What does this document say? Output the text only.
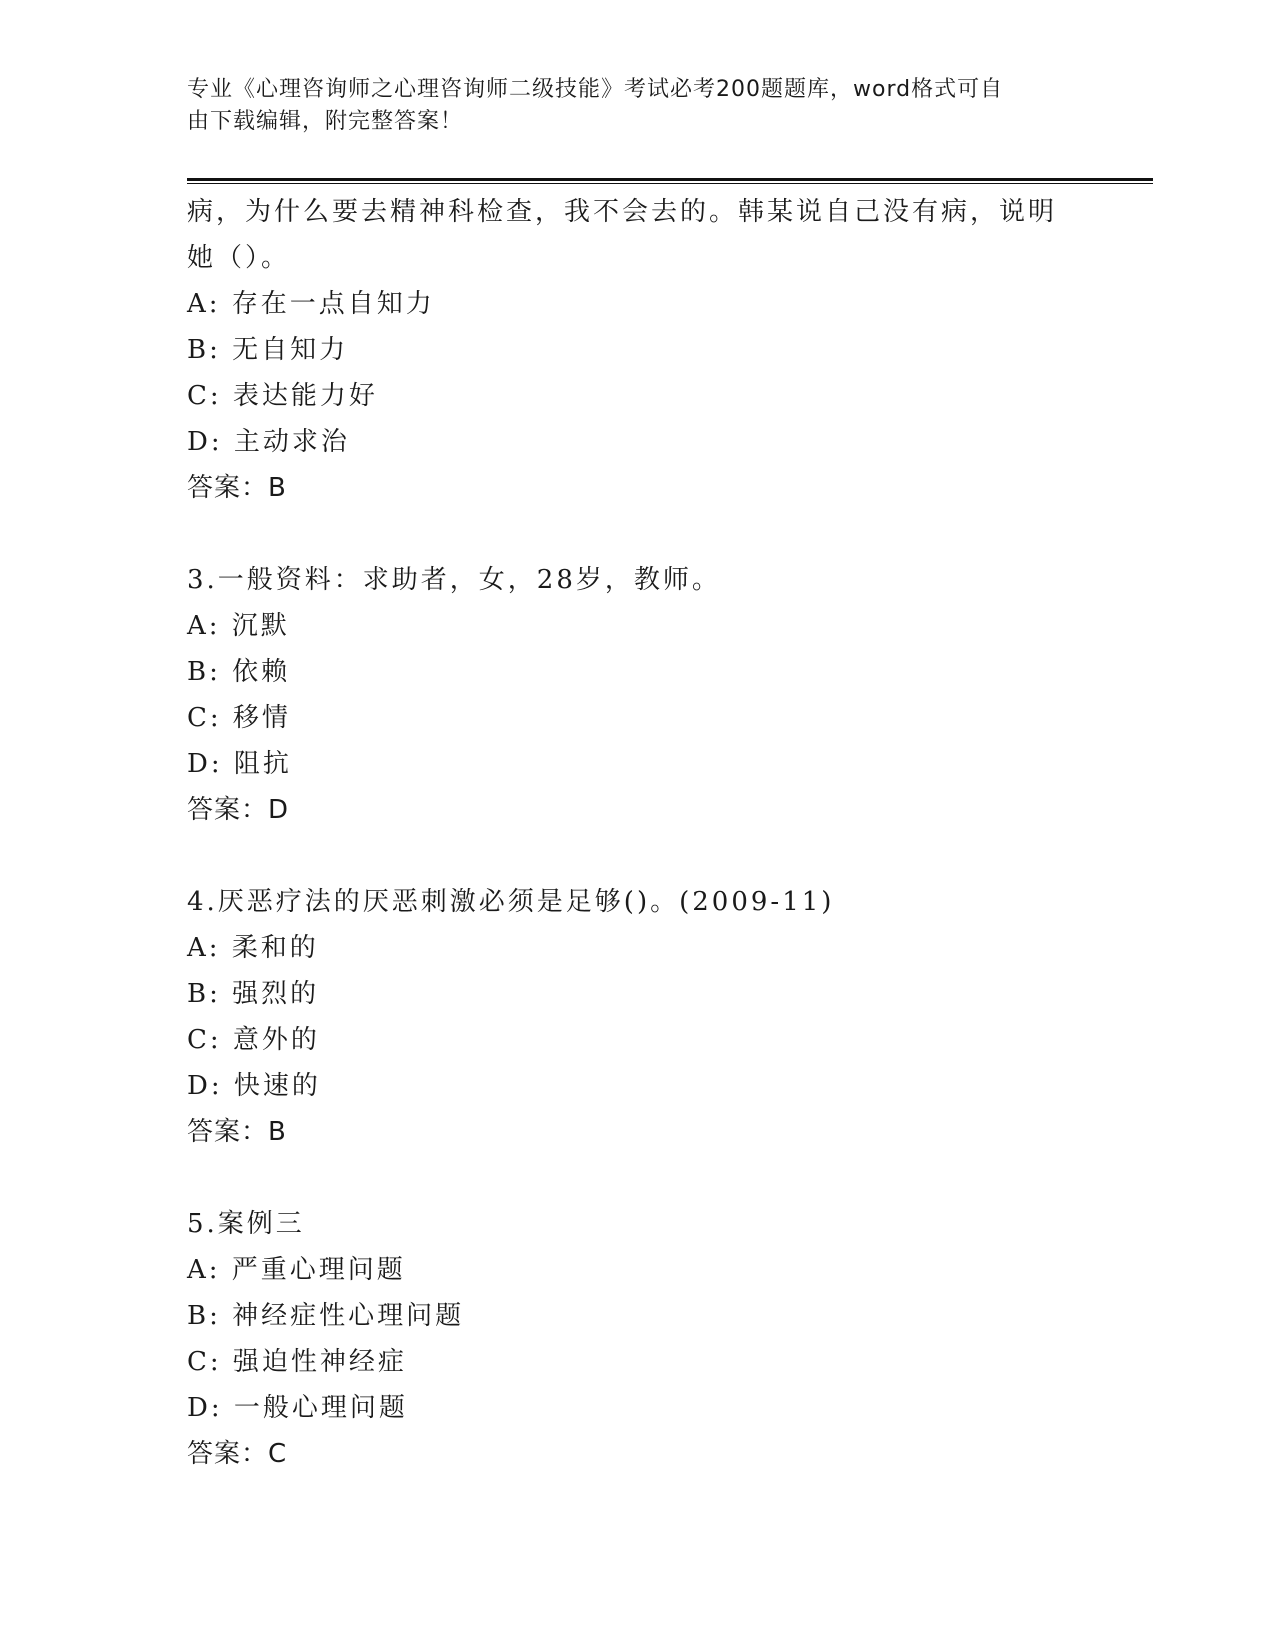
专业《心理咨询师之心理咨询师二级技能》考试必考200题题库，word格式可自
由下载编辑，附完整答案！
病，为什么要去精神科检查，我不会去的。韩某说自己没有病，说明
她（）。
A: 存在一点自知力
B: 无自知力
C: 表达能力好
D: 主动求治
答案：B
3.一般资料：求助者，女，28岁，教师。
A: 沉默
B: 依赖
C: 移情
D: 阻抗
答案：D
4.厌恶疗法的厌恶刺激必须是足够()。(2009-11)
A: 柔和的
B: 强烈的
C: 意外的
D: 快速的
答案：B
5.案例三
A: 严重心理问题
B: 神经症性心理问题
C: 强迫性神经症
D: 一般心理问题
答案：C
